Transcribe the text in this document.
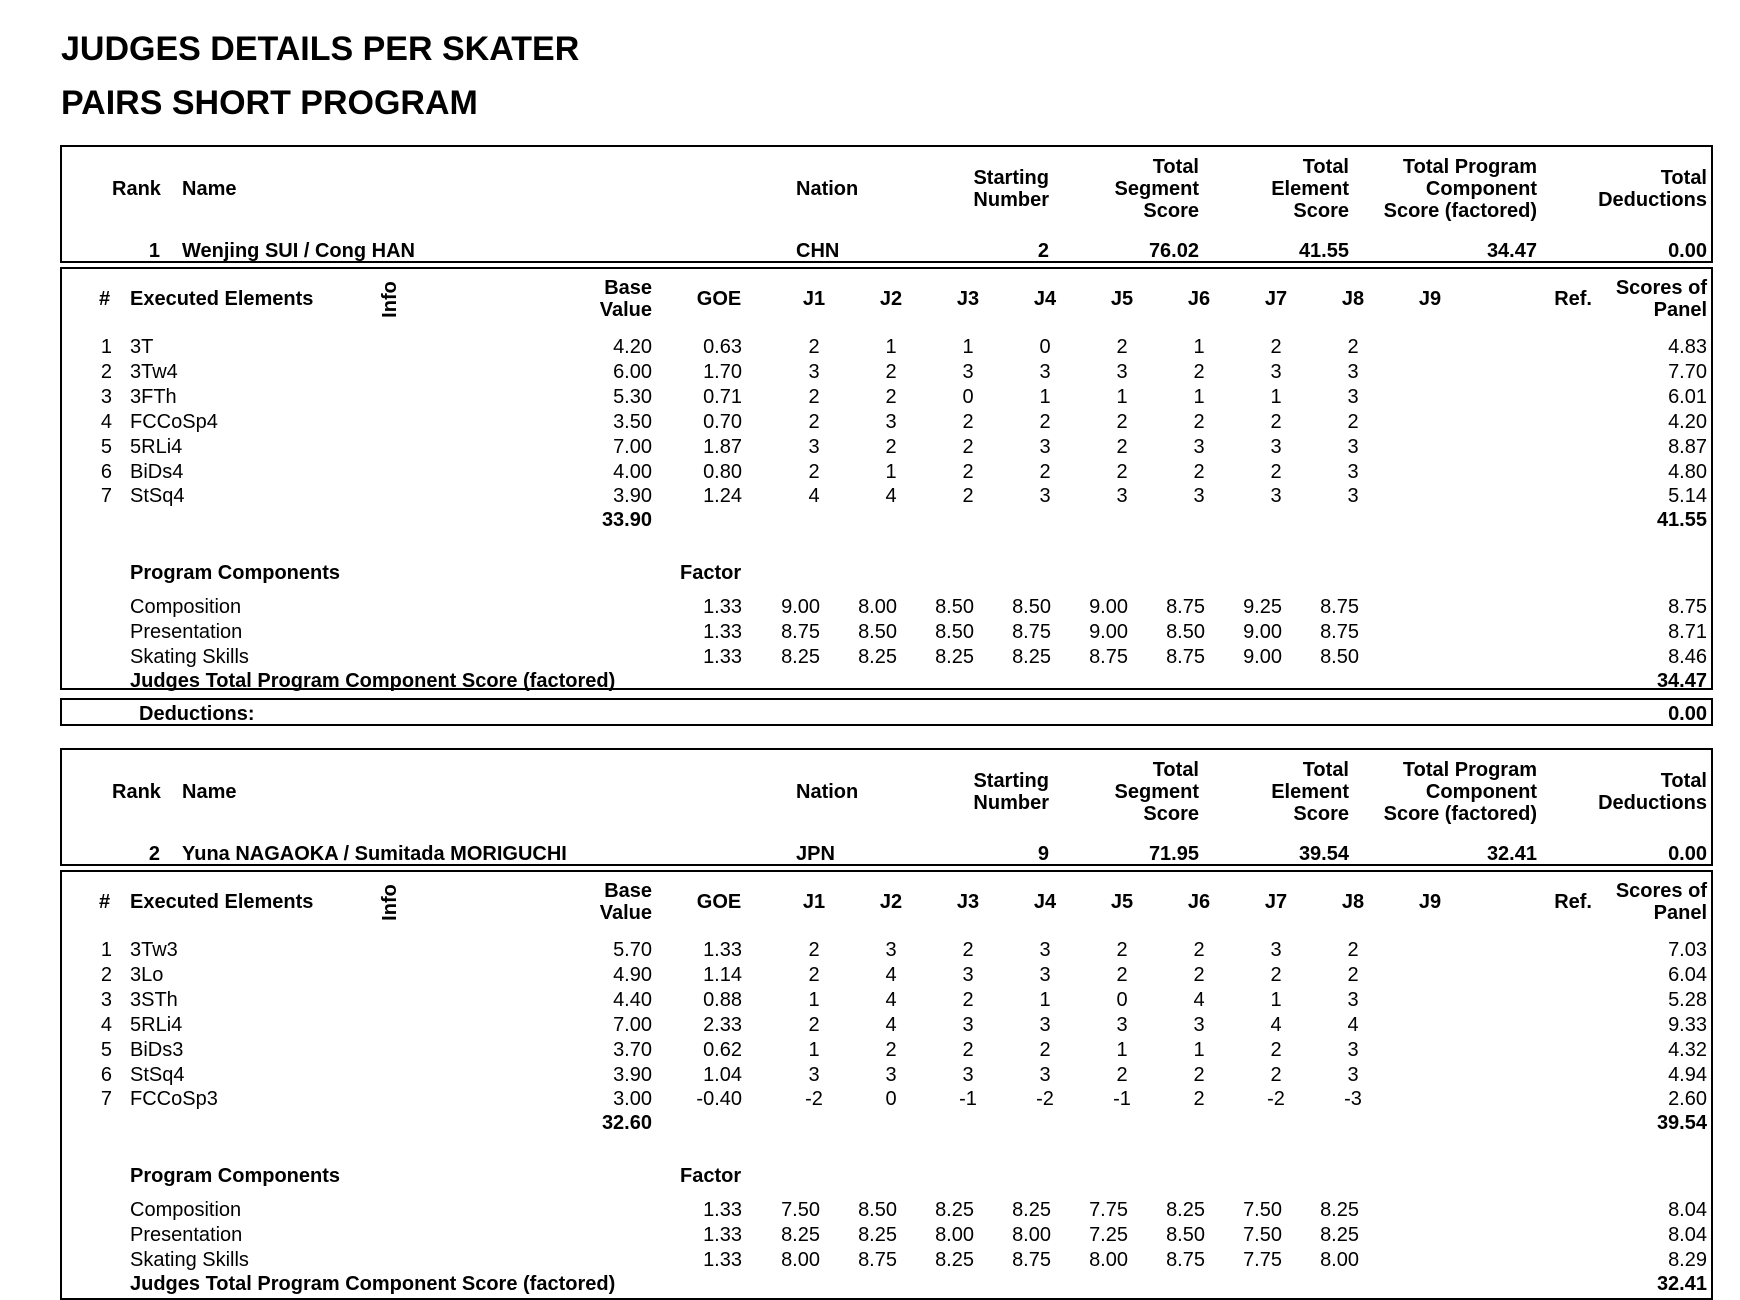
JUDGES DETAILS PER SKATER
PAIRS SHORT PROGRAM
Rank Name	Nation	Starting
Number
Total
Segment
Score
Total
Element
Score
Total Program
Component
Score (factored)
Total
Deductions
1 Wenjing SUI / Cong HAN	CHN	2	76.02	41.55	34.47	0.00
# Executed Elements	Info	Base
Value	GOE	J1	J2	J3	J4	J5	J6	J7	J8	J9	Ref.	Scores of
Panel
1 3T	4.20	0.63	2	1	1	0	2	1	2	2	4.83
2 3Tw4	6.00	1.70	3	2	3	3	3	2	3	3	7.70
3 3FTh	5.30	0.71	2	2	0	1	1	1	1	3	6.01
4 FCCoSp4	3.50	0.70	2	3	2	2	2	2	2	2	4.20
5 5RLi4	7.00	1.87	3	2	2	3	2	3	3	3	8.87
6 BiDs4	4.00	0.80	2	1	2	2	2	2	2	3	4.80
7 StSq4	3.90	1.24	4	4	2	3	3	3	3	3	5.14
33.90	41.55
Program Components	Factor
Composition	1.33	9.00	8.00	8.50	8.50	9.00	8.75	9.25	8.75	8.75
Presentation	1.33	8.75	8.50	8.50	8.75	9.00	8.50	9.00	8.75	8.71
Skating Skills	1.33	8.25	8.25	8.25	8.25	8.75	8.75	9.00	8.50	8.46
Judges Total Program Component Score (factored)	34.47
Deductions:	0.00
Rank Name	Nation	Starting
Number
Total
Segment
Score
Total
Element
Score
Total Program
Component
Score (factored)
Total
Deductions
2 Yuna NAGAOKA / Sumitada MORIGUCHI	JPN	9	71.95	39.54	32.41	0.00
# Executed Elements	Info	Base
Value	GOE	J1	J2	J3	J4	J5	J6	J7	J8	J9	Ref.	Scores of
Panel
1 3Tw3	5.70	1.33	2	3	2	3	2	2	3	2	7.03
2 3Lo	4.90	1.14	2	4	3	3	2	2	2	2	6.04
3 3STh	4.40	0.88	1	4	2	1	0	4	1	3	5.28
4 5RLi4	7.00	2.33	2	4	3	3	3	3	4	4	9.33
5 BiDs3	3.70	0.62	1	2	2	2	1	1	2	3	4.32
6 StSq4	3.90	1.04	3	3	3	3	2	2	2	3	4.94
7 FCCoSp3	3.00	-0.40	-2	0	-1	-2	-1	2	-2	-3	2.60
32.60	39.54
Program Components	Factor
Composition	1.33	7.50	8.50	8.25	8.25	7.75	8.25	7.50	8.25	8.04
Presentation	1.33	8.25	8.25	8.00	8.00	7.25	8.50	7.50	8.25	8.04
Skating Skills	1.33	8.00	8.75	8.25	8.75	8.00	8.75	7.75	8.00	8.29
Judges Total Program Component Score (factored)	32.41
